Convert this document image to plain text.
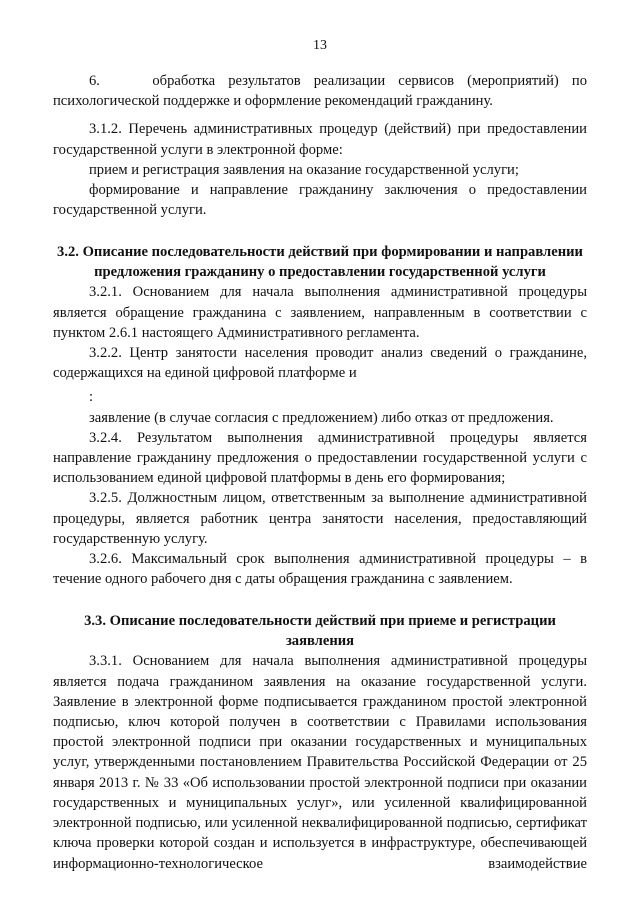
13

6.    обработка результатов реализации сервисов (мероприятий) по психологической поддержке и оформление рекомендаций гражданину.

3.1.2. Перечень административных процедур (действий) при предоставлении государственной услуги в электронной форме:

прием и регистрация заявления на оказание государственной услуги;

формирование и направление гражданину заключения о предоставлении государственной услуги.

3.2. Описание последовательности действий при формировании и направлении предложения гражданину о предоставлении государственной услуги

3.2.1. Основанием для начала выполнения административной процедуры является обращение гражданина с заявлением, направленным в соответствии с пунктом 2.6.1 настоящего Административного регламента.

3.2.2. Центр занятости населения проводит анализ сведений о гражданине, содержащихся на единой цифровой платформе и

:

заявление (в случае согласия с предложением) либо отказ от предложения.

3.2.4. Результатом выполнения административной процедуры является направление гражданину предложения о предоставлении государственной услуги с использованием единой цифровой платформы в день его формирования;

3.2.5. Должностным лицом, ответственным за выполнение административной процедуры, является работник центра занятости населения, предоставляющий государственную услугу.

3.2.6. Максимальный срок выполнения административной процедуры – в течение одного рабочего дня с даты обращения гражданина с заявлением.

3.3. Описание последовательности действий при приеме и регистрации заявления

3.3.1. Основанием для начала выполнения административной процедуры является подача гражданином заявления на оказание государственной услуги. Заявление в электронной форме подписывается гражданином простой электронной подписью, ключ которой получен в соответствии с Правилами использования простой электронной подписи при оказании государственных и муниципальных услуг, утвержденными постановлением Правительства Российской Федерации от 25 января 2013 г. № 33 «Об использовании простой электронной подписи при оказании государственных и муниципальных услуг», или усиленной квалифицированной электронной подписью, или усиленной неквалифицированной подписью, сертификат ключа проверки которой создан и используется в инфраструктуре, обеспечивающей информационно-технологическое взаимодействие
